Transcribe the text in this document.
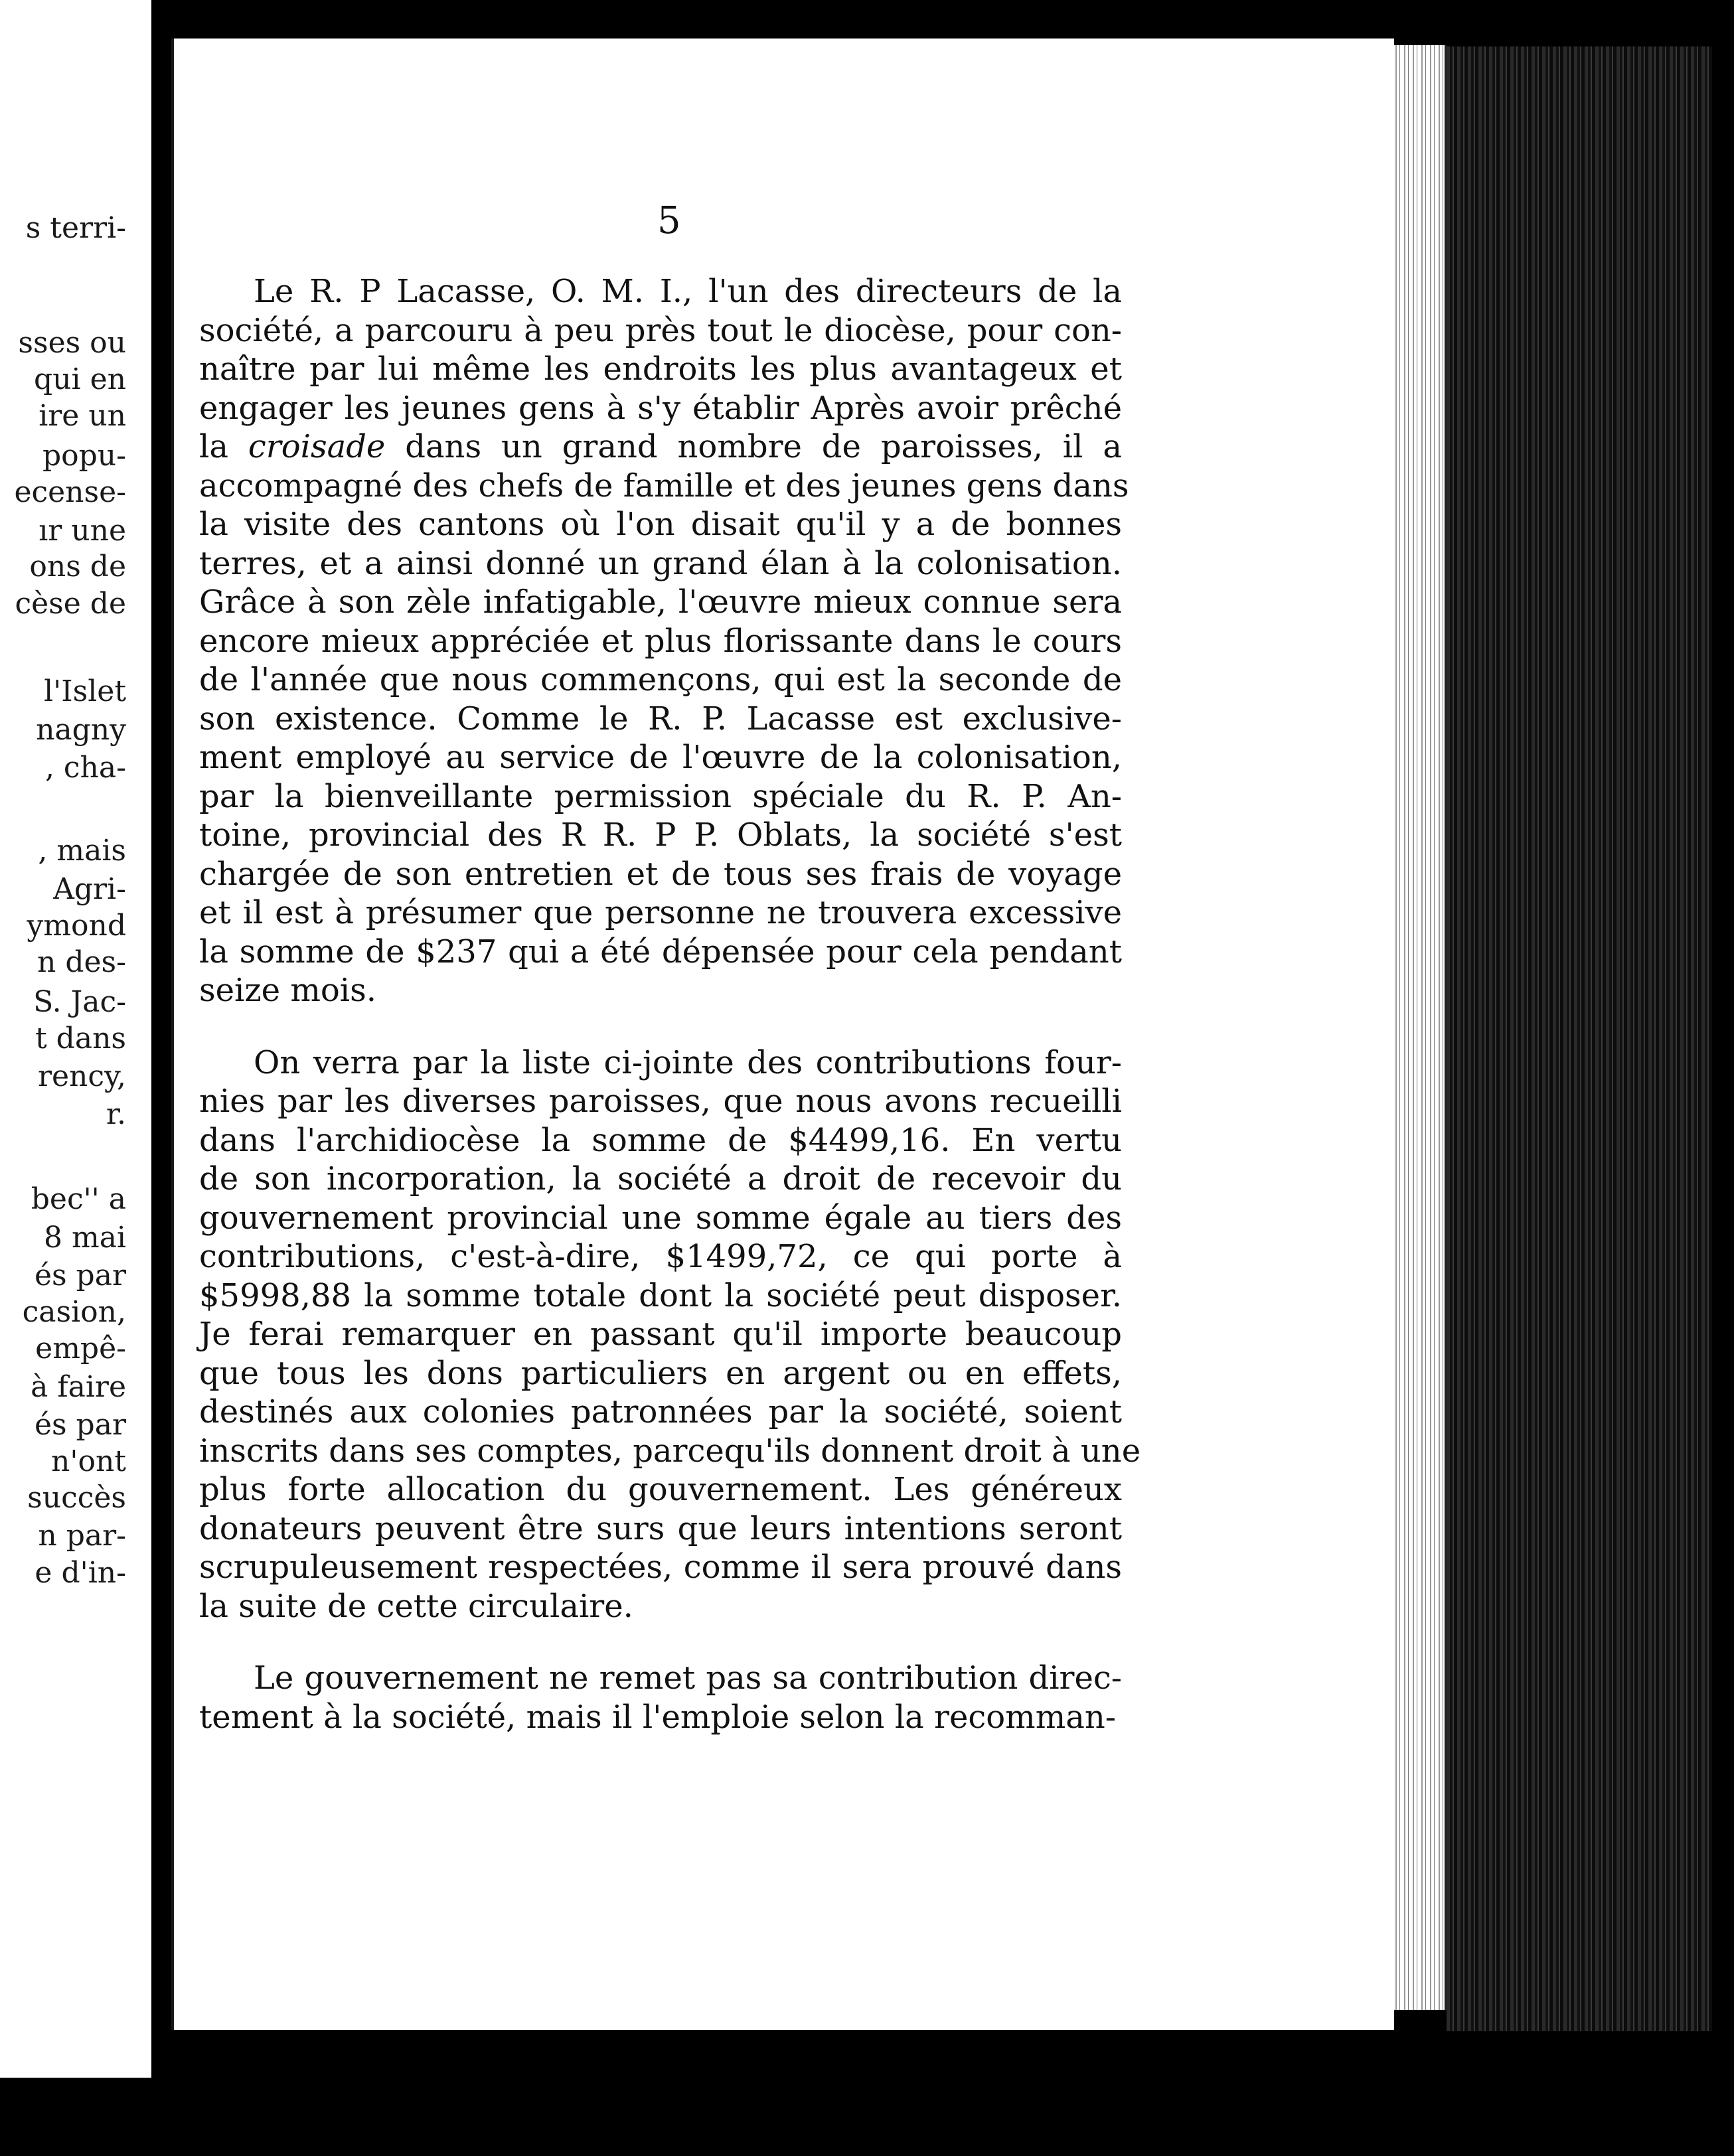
s terri-
sses ou
qui en
ire un
popu-
ecense-
ır une
ons de
cèse de
l'Islet
nagny
, cha-
, mais
Agri-
ymond
n des-
S. Jac-
t dans
rency,
r.
bec'' a
8 mai
és par
casion,
empê-
à faire
és par
n'ont
succès
n par-
e d'in-
5
Le R. P Lacasse, O. M. I., l'un des directeurs de la
société, a parcouru à peu près tout le diocèse, pour con-
naître par lui même les endroits les plus avantageux et
engager les jeunes gens à s'y établir Après avoir prêché
la croisade dans un grand nombre de paroisses, il a
accompagné des chefs de famille et des jeunes gens dans
la visite des cantons où l'on disait qu'il y a de bonnes
terres, et a ainsi donné un grand élan à la colonisation.
Grâce à son zèle infatigable, l'œuvre mieux connue sera
encore mieux appréciée et plus florissante dans le cours
de l'année que nous commençons, qui est la seconde de
son existence. Comme le R. P. Lacasse est exclusive-
ment employé au service de l'œuvre de la colonisation,
par la bienveillante permission spéciale du R. P. An-
toine, provincial des R R. P P. Oblats, la société s'est
chargée de son entretien et de tous ses frais de voyage
et il est à présumer que personne ne trouvera excessive
la somme de $237 qui a été dépensée pour cela pendant
seize mois.
On verra par la liste ci-jointe des contributions four-
nies par les diverses paroisses, que nous avons recueilli
dans l'archidiocèse la somme de $4499,16. En vertu
de son incorporation, la société a droit de recevoir du
gouvernement provincial une somme égale au tiers des
contributions, c'est-à-dire, $1499,72, ce qui porte à
$5998,88 la somme totale dont la société peut disposer.
Je ferai remarquer en passant qu'il importe beaucoup
que tous les dons particuliers en argent ou en effets,
destinés aux colonies patronnées par la société, soient
inscrits dans ses comptes, parcequ'ils donnent droit à une
plus forte allocation du gouvernement. Les généreux
donateurs peuvent être surs que leurs intentions seront
scrupuleusement respectées, comme il sera prouvé dans
la suite de cette circulaire.
Le gouvernement ne remet pas sa contribution direc-
tement à la société, mais il l'emploie selon la recomman-
